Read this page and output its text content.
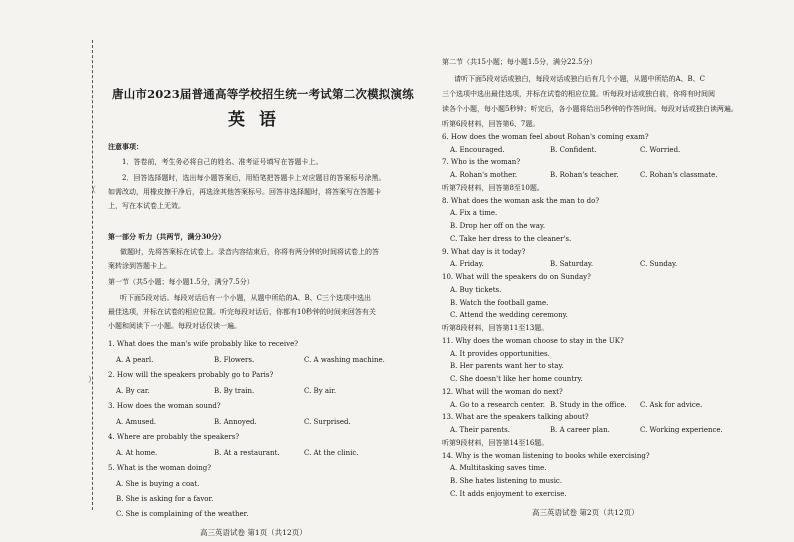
（
）
唐山市2023届普通高等学校招生统一考试第二次模拟演练
英语
注意事项：
1．答卷前，考生务必将自己的姓名、准考证号填写在答题卡上。
2．回答选择题时，选出每小题答案后，用铅笔把答题卡上对应题目的答案标号涂黑。
如需改动，用橡皮擦干净后，再选涂其他答案标号。回答非选择题时，将答案写在答题卡
上，写在本试卷上无效。
第一部分 听力（共两节，满分30分）
做题时，先将答案标在试卷上。录音内容结束后，你将有两分钟的时间将试卷上的答
案转涂到答题卡上。
第一节（共5小题；每小题1.5分，满分7.5分）
听下面5段对话。每段对话后有一个小题，从题中所给的A、B、C三个选项中选出
最佳选项，并标在试卷的相应位置。听完每段对话后，你都有10秒钟的时间来回答有关
小题和阅读下一小题。每段对话仅读一遍。
1. What does the man's wife probably like to receive?
A. A pearl.	B. Flowers.	C. A washing machine.
2. How will the speakers probably go to Paris?
A. By car.	B. By train.	C. By air.
3. How does the woman sound?
A. Amused.	B. Annoyed.	C. Surprised.
4. Where are probably the speakers?
A. At home.	B. At a restaurant.	C. At the clinic.
5. What is the woman doing?
A. She is buying a coat.
B. She is asking for a favor.
C. She is complaining of the weather.
高三英语试卷 第1页（共12页）
第二节（共15小题；每小题1.5分，满分22.5分）
请听下面5段对话或独白，每段对话或独白后有几个小题，从题中所给的A、B、C
三个选项中选出最佳选项，并标在试卷的相应位置。听每段对话或独白前，你将有时间阅
读各个小题，每小题5秒钟；听完后，各小题将给出5秒钟的作答时间。每段对话或独白读两遍。
听第6段材料，回答第6、7题。
6. How does the woman feel about Rohan's coming exam?
A. Encouraged.	B. Confident.	C. Worried.
7. Who is the woman?
A. Rohan's mother.	B. Rohan's teacher.	C. Rohan's classmate.
听第7段材料，回答第8至10题。
8. What does the woman ask the man to do?
A. Fix a time.
B. Drop her off on the way.
C. Take her dress to the cleaner's.
9. What day is it today?
A. Friday.	B. Saturday.	C. Sunday.
10. What will the speakers do on Sunday?
A. Buy tickets.
B. Watch the football game.
C. Attend the wedding ceremony.
听第8段材料，回答第11至13题。
11. Why does the woman choose to stay in the UK?
A. It provides opportunities.
B. Her parents want her to stay.
C. She doesn't like her home country.
12. What will the woman do next?
A. Go to a research center. B. Study in the office. C. Ask for advice.
13. What are the speakers talking about?
A. Their parents.	B. A career plan.	C. Working experience.
听第9段材料，回答第14至16题。
14. Why is the woman listening to books while exercising?
A. Multitasking saves time.
B. She hates listening to music.
C. It adds enjoyment to exercise.
高三英语试卷 第2页（共12页）
